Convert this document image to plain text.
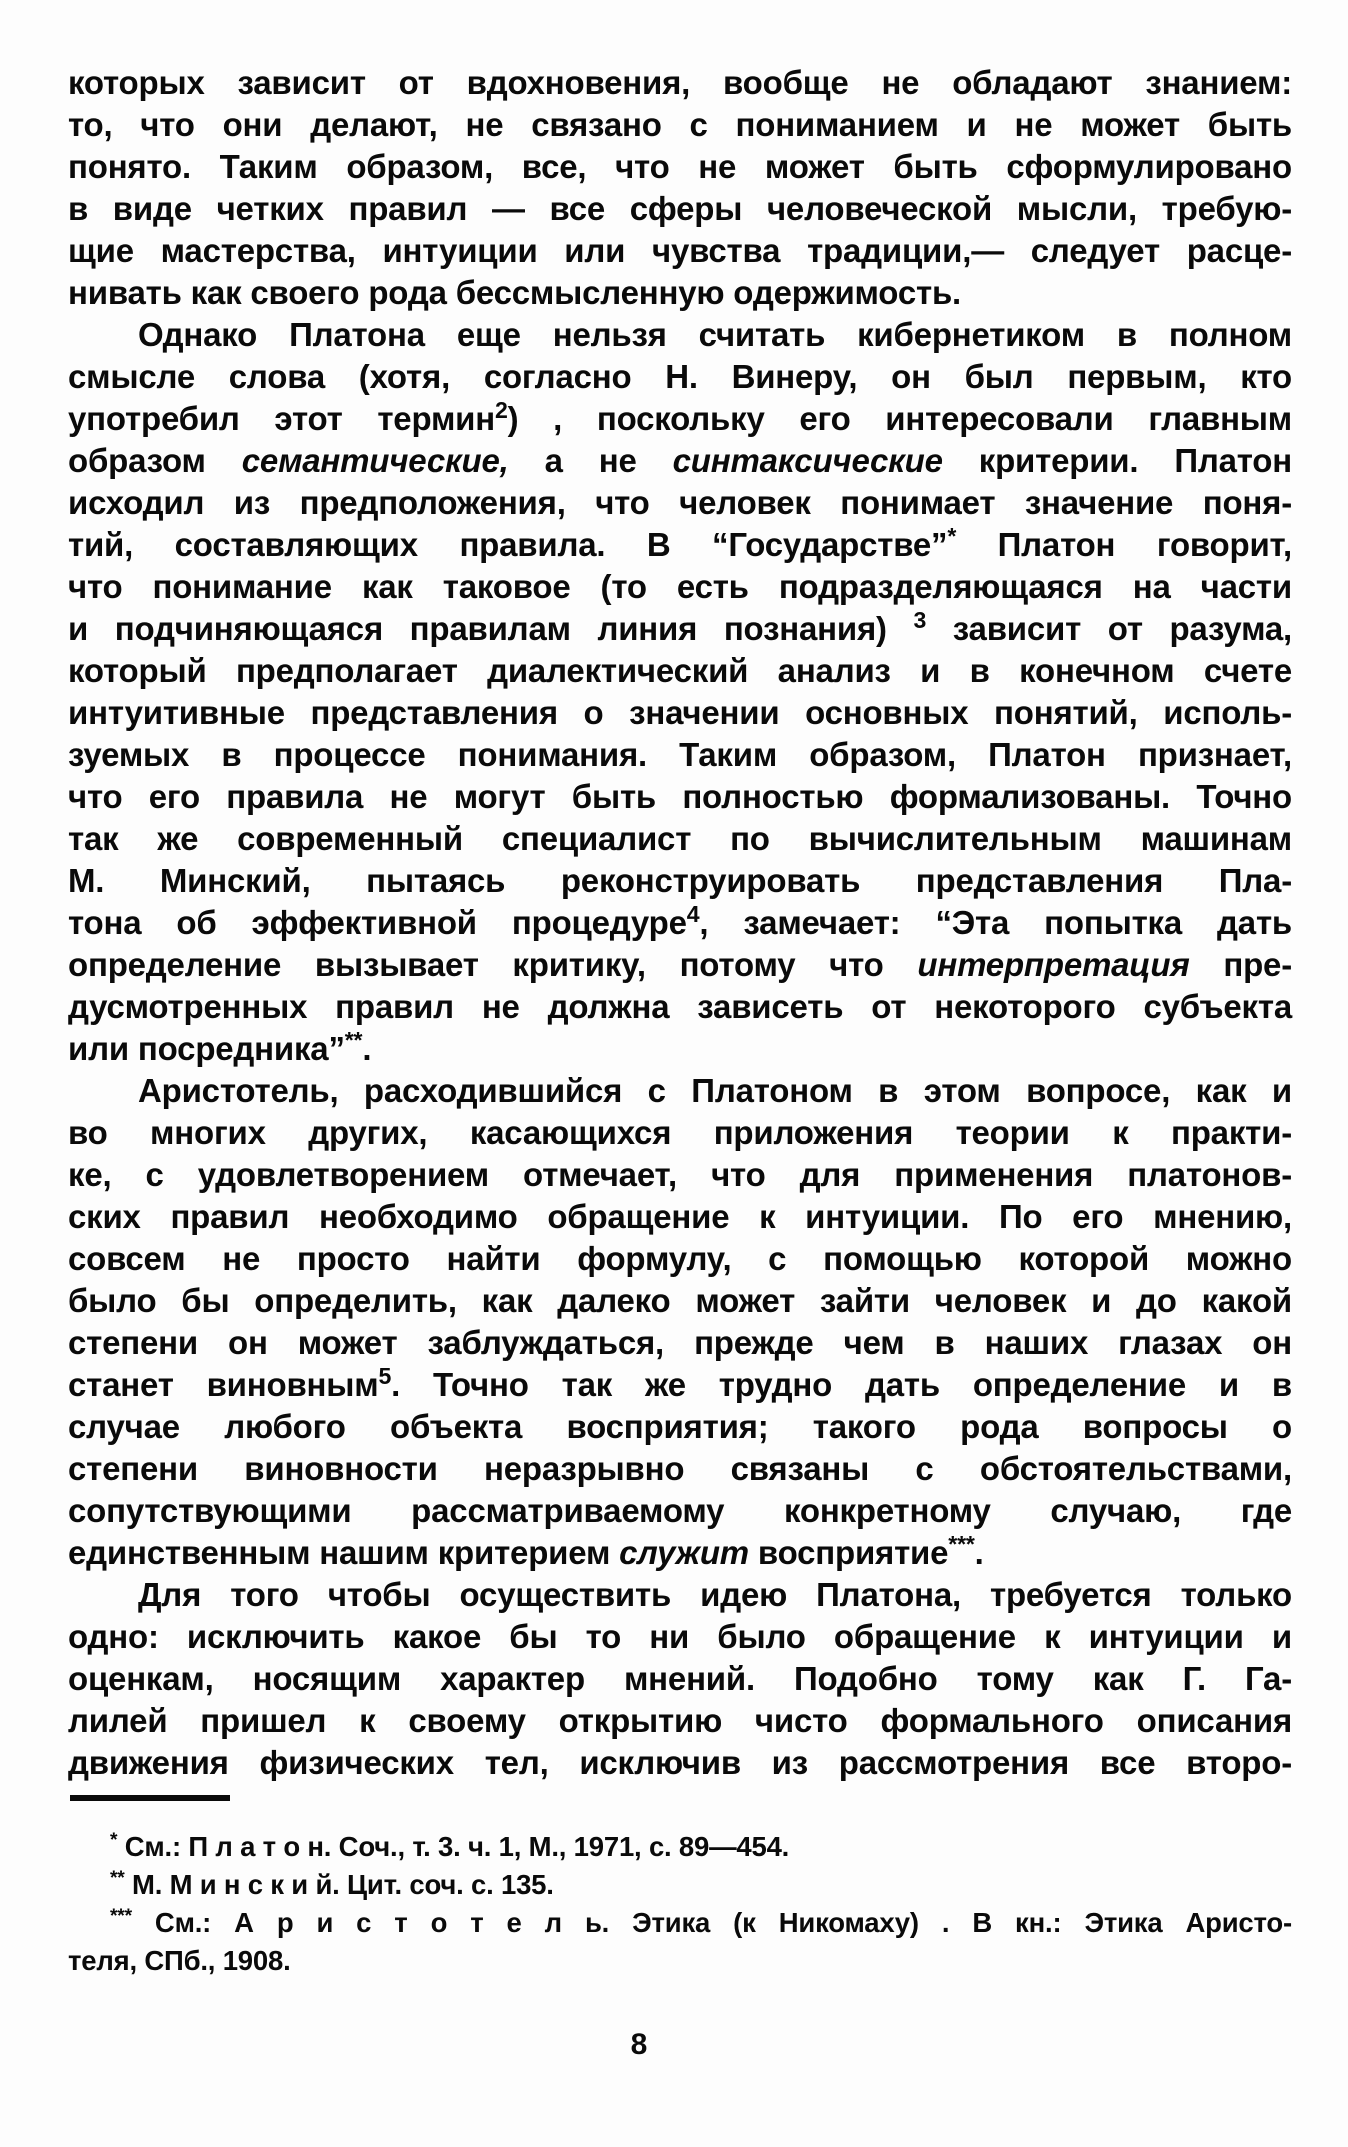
которых зависит от вдохновения, вообще не обладают знанием:
то, что они делают, не связано с пониманием и не может быть
понято. Таким образом, все, что не может быть сформулировано
в виде четких правил — все сферы человеческой мысли, требую-
щие мастерства, интуиции или чувства традиции,— следует расце-
нивать как своего рода бессмысленную одержимость.
Однако Платона еще нельзя считать кибернетиком в полном
смысле слова (хотя, согласно Н. Винеру, он был первым, кто
употребил этот термин$^2$) , поскольку его интересовали главным
образом семантические, а не синтаксические критерии. Платон
исходил из предположения, что человек понимает значение поня-
тий, составляющих правила. В “Государстве”* Платон говорит,
что понимание как таковое (то есть подразделяющаяся на части
и подчиняющаяся правилам линия познания) $^3$ зависит от разума,
который предполагает диалектический анализ и в конечном счете
интуитивные представления о значении основных понятий, исполь-
зуемых в процессе понимания. Таким образом, Платон признает,
что его правила не могут быть полностью формализованы. Точно
так же современный специалист по вычислительным машинам
М. Минский, пытаясь реконструировать представления Пла-
тона об эффективной процедуре$^4$, замечает: “Эта попытка дать
определение вызывает критику, потому что интерпретация пре-
дусмотренных правил не должна зависеть от некоторого субъекта
или посредника”**.
Аристотель, расходившийся с Платоном в этом вопросе, как и
во многих других, касающихся приложения теории к практи-
ке, с удовлетворением отмечает, что для применения платонов-
ских правил необходимо обращение к интуиции. По его мнению,
совсем не просто найти формулу, с помощью которой можно
было бы определить, как далеко может зайти человек и до какой
степени он может заблуждаться, прежде чем в наших глазах он
станет виновным$^5$. Точно так же трудно дать определение и в
случае любого объекта восприятия; такого рода вопросы о
степени виновности неразрывно связаны с обстоятельствами,
сопутствующими рассматриваемому конкретному случаю, где
единственным нашим критерием служит восприятие***.
Для того чтобы осуществить идею Платона, требуется только
одно: исключить какое бы то ни было обращение к интуиции и
оценкам, носящим характер мнений. Подобно тому как Г. Га-
лилей пришел к своему открытию чисто формального описания
движения физических тел, исключив из рассмотрения все второ-
* См.: П л а т о н. Соч., т. 3. ч. 1, М., 1971, с. 89—454.
** М. М и н с к и й. Цит. соч. с. 135.
*** См.: А р и с т о т е л ь. Этика (к Никомаху) . В кн.: Этика Аристо-
теля, СПб., 1908.
8
